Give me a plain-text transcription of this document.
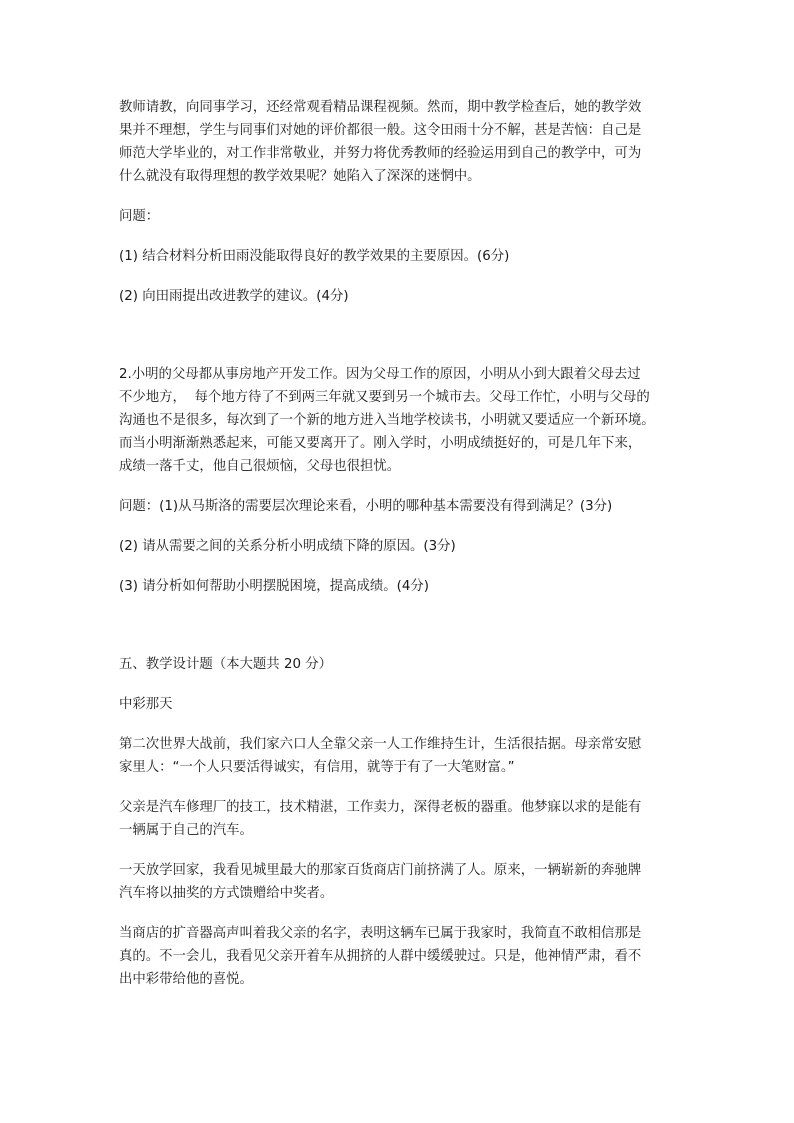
教师请教，向同事学习，还经常观看精品课程视频。然而，期中教学检查后，她的教学效

果并不理想，学生与同事们对她的评价都很一般。这令田雨十分不解，甚是苦恼：自己是

师范大学毕业的，对工作非常敬业，并努力将优秀教师的经验运用到自己的教学中，可为

什么就没有取得理想的教学效果呢？她陷入了深深的迷惘中。

问题：

(1) 结合材料分析田雨没能取得良好的教学效果的主要原因。(6分)

(2) 向田雨提出改进教学的建议。(4分)

2.小明的父母都从事房地产开发工作。因为父母工作的原因，小明从小到大跟着父母去过

不少地方，  每个地方待了不到两三年就又要到另一个城市去。父母工作忙，小明与父母的

沟通也不是很多，每次到了一个新的地方进入当地学校读书，小明就又要适应一个新环境。

而当小明渐渐熟悉起来，可能又要离开了。刚入学时，小明成绩挺好的，可是几年下来，

成绩一落千丈，他自己很烦恼，父母也很担忧。

问题：(1)从马斯洛的需要层次理论来看，小明的哪种基本需要没有得到满足？(3分)

(2) 请从需要之间的关系分析小明成绩下降的原因。(3分)

(3) 请分析如何帮助小明摆脱困境，提高成绩。(4分)

五、教学设计题（本大题共 20 分）

中彩那天

第二次世界大战前，我们家六口人全靠父亲一人工作维持生计，生活很拮据。母亲常安慰

家里人：“一个人只要活得诚实，有信用，就等于有了一大笔财富。”

父亲是汽车修理厂的技工，技术精湛，工作卖力，深得老板的器重。他梦寐以求的是能有

一辆属于自己的汽车。

一天放学回家，我看见城里最大的那家百货商店门前挤满了人。原来，一辆崭新的奔驰牌

汽车将以抽奖的方式馈赠给中奖者。

当商店的扩音器高声叫着我父亲的名字，表明这辆车已属于我家时，我简直不敢相信那是

真的。不一会儿，我看见父亲开着车从拥挤的人群中缓缓驶过。只是，他神情严肃，看不

出中彩带给他的喜悦。
